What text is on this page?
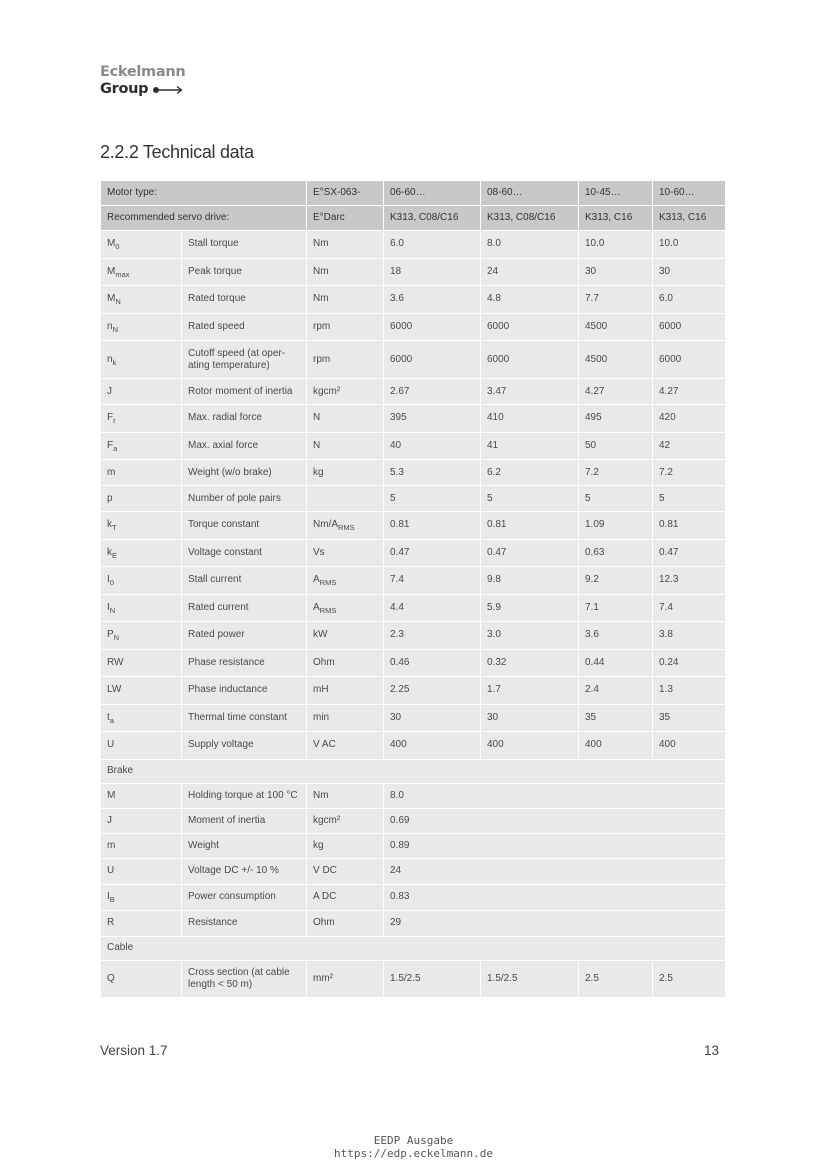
Eckelmann
Group
2.2.2 Technical data
Motor type:		E°SX-063-	06-60…	08-60…	10-45…	10-60…
Recommended servo drive:		E°Darc	K313, C08/C16	K313, C08/C16	K313, C16	K313, C16
$M_0$	Stall torque	Nm	6.0	8.0	10.0	10.0
$M_{max}$	Peak torque	Nm	18	24	30	30
$M_N$	Rated torque	Nm	3.6	4.8	7.7	6.0
$n_N$	Rated speed	rpm	6000	6000	4500	6000
$n_k$	Cutoff speed (at oper-ating temperature)	rpm	6000	6000	4500	6000
J	Rotor moment of inertia	kgcm²	2.67	3.47	4.27	4.27
$F_r$	Max. radial force	N	395	410	495	420
$F_a$	Max. axial force	N	40	41	50	42
m	Weight (w/o brake)	kg	5.3	6.2	7.2	7.2
p	Number of pole pairs		5	5	5	5
$k_T$	Torque constant	$Nm/A_{RMS}$	0.81	0.81	1.09	0.81
$k_E$	Voltage constant	Vs	0.47	0.47	0.63	0.47
$I_0$	Stall current	$A_{RMS}$	7.4	9.8	9.2	12.3
$I_N$	Rated current	$A_{RMS}$	4.4	5.9	7.1	7.4
$P_N$	Rated power	kW	2.3	3.0	3.6	3.8
RW	Phase resistance	Ohm	0.46	0.32	0.44	0.24
LW	Phase inductance	mH	2.25	1.7	2.4	1.3
$t_a$	Thermal time constant	min	30	30	35	35
U	Supply voltage	V AC	400	400	400	400
Brake						
M	Holding torque at 100 °C	Nm	8.0			
J	Moment of inertia	kgcm²	0.69			
m	Weight	kg	0.89			
U	Voltage DC +/- 10 %	V DC	24			
$I_B$	Power consumption	A DC	0.83			
R	Resistance	Ohm	29			
Cable						
Q	Cross section (at cable length < 50 m)	mm²	1.5/2.5	1.5/2.5	2.5	2.5
Version 1.7	13
EEDP Ausgabe
https://edp.eckelmann.de
